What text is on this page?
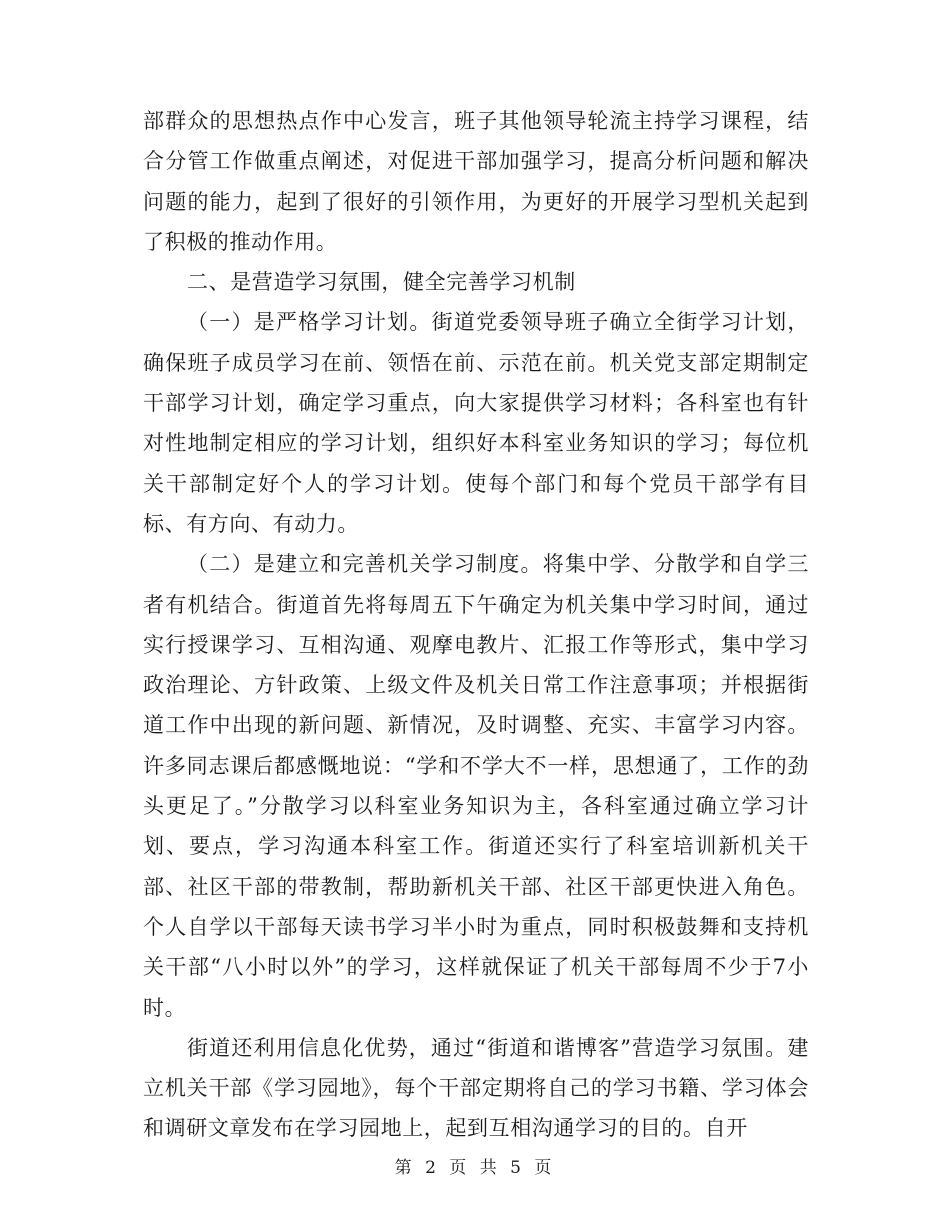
部群众的思想热点作中心发言，班子其他领导轮流主持学习课程，结合分管工作做重点阐述，对促进干部加强学习，提高分析问题和解决问题的能力，起到了很好的引领作用，为更好的开展学习型机关起到了积极的推动作用。

二、是营造学习氛围，健全完善学习机制

（一）是严格学习计划。街道党委领导班子确立全街学习计划，确保班子成员学习在前、领悟在前、示范在前。机关党支部定期制定干部学习计划，确定学习重点，向大家提供学习材料；各科室也有针对性地制定相应的学习计划，组织好本科室业务知识的学习；每位机关干部制定好个人的学习计划。使每个部门和每个党员干部学有目标、有方向、有动力。

（二）是建立和完善机关学习制度。将集中学、分散学和自学三者有机结合。街道首先将每周五下午确定为机关集中学习时间，通过实行授课学习、互相沟通、观摩电教片、汇报工作等形式，集中学习政治理论、方针政策、上级文件及机关日常工作注意事项；并根据街道工作中出现的新问题、新情况，及时调整、充实、丰富学习内容。许多同志课后都感慨地说：“学和不学大不一样，思想通了，工作的劲头更足了。”分散学习以科室业务知识为主，各科室通过确立学习计划、要点，学习沟通本科室工作。街道还实行了科室培训新机关干部、社区干部的带教制，帮助新机关干部、社区干部更快进入角色。个人自学以干部每天读书学习半小时为重点，同时积极鼓舞和支持机关干部“八小时以外”的学习，这样就保证了机关干部每周不少于7小时。

街道还利用信息化优势，通过“街道和谐博客”营造学习氛围。建立机关干部《学习园地》，每个干部定期将自己的学习书籍、学习体会和调研文章发布在学习园地上，起到互相沟通学习的目的。自开

第 2 页 共 5 页
